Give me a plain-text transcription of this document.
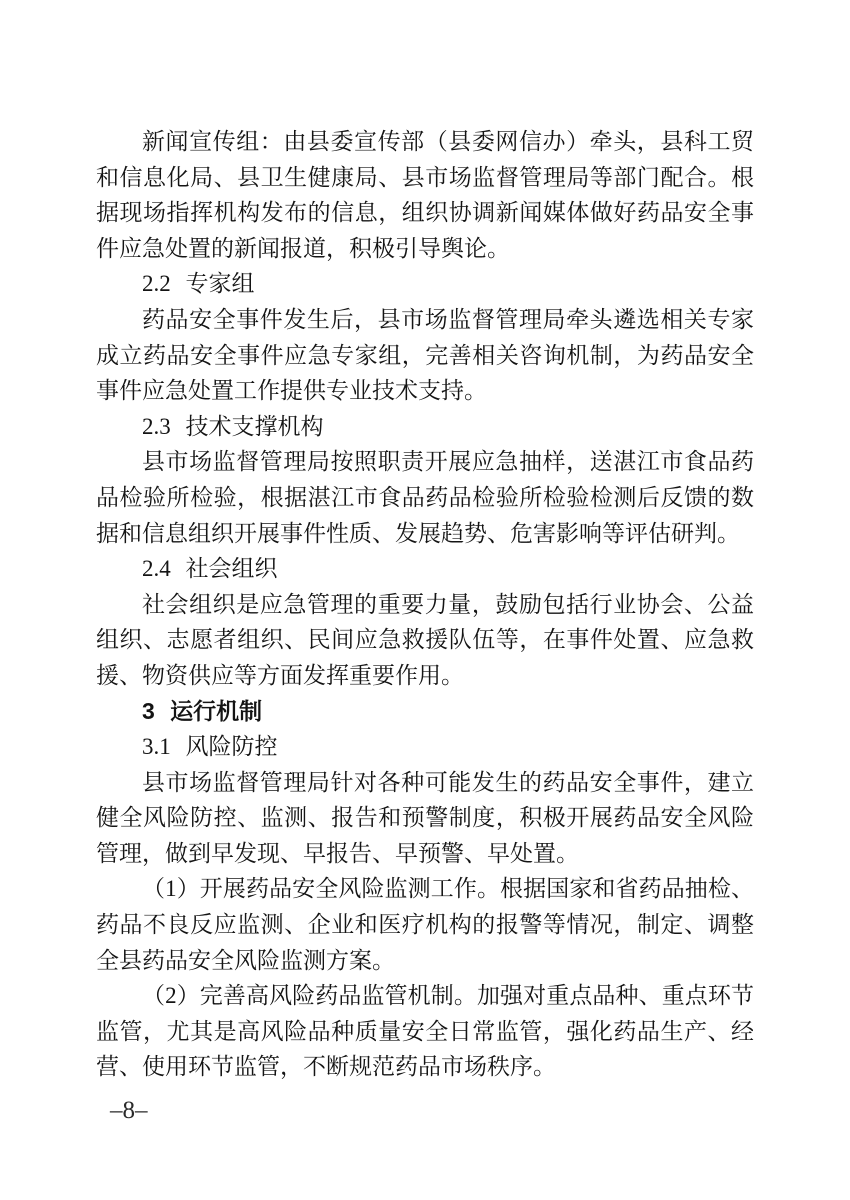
新闻宣传组：由县委宣传部（县委网信办）牵头，县科工贸和信息化局、县卫生健康局、县市场监督管理局等部门配合。根据现场指挥机构发布的信息，组织协调新闻媒体做好药品安全事件应急处置的新闻报道，积极引导舆论。

2.2 专家组

药品安全事件发生后，县市场监督管理局牵头遴选相关专家成立药品安全事件应急专家组，完善相关咨询机制，为药品安全事件应急处置工作提供专业技术支持。

2.3 技术支撑机构

县市场监督管理局按照职责开展应急抽样，送湛江市食品药品检验所检验，根据湛江市食品药品检验所检验检测后反馈的数据和信息组织开展事件性质、发展趋势、危害影响等评估研判。

2.4 社会组织

社会组织是应急管理的重要力量，鼓励包括行业协会、公益组织、志愿者组织、民间应急救援队伍等，在事件处置、应急救援、物资供应等方面发挥重要作用。

3 运行机制

3.1 风险防控

县市场监督管理局针对各种可能发生的药品安全事件，建立健全风险防控、监测、报告和预警制度，积极开展药品安全风险管理，做到早发现、早报告、早预警、早处置。

（1）开展药品安全风险监测工作。根据国家和省药品抽检、药品不良反应监测、企业和医疗机构的报警等情况，制定、调整全县药品安全风险监测方案。

（2）完善高风险药品监管机制。加强对重点品种、重点环节监管，尤其是高风险品种质量安全日常监管，强化药品生产、经营、使用环节监管，不断规范药品市场秩序。

–8–
